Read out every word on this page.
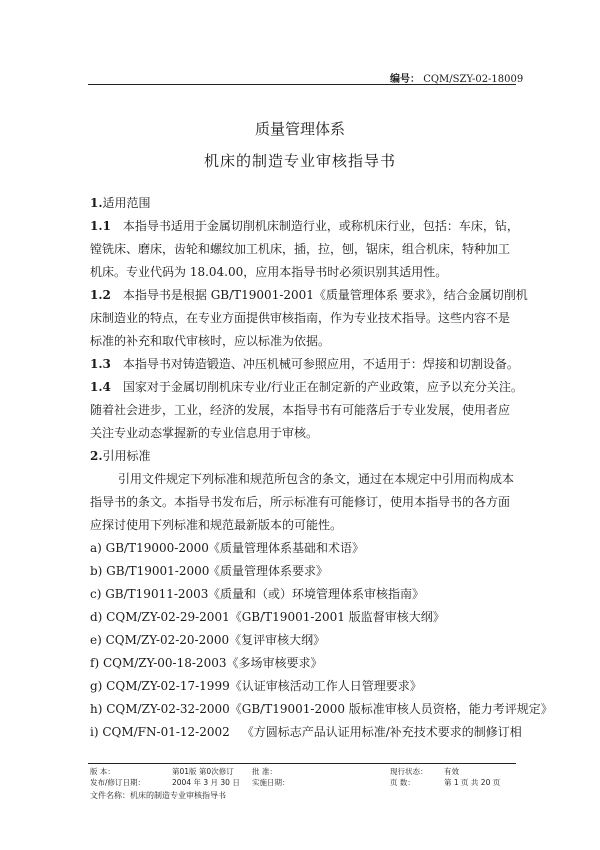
编号： CQM/SZY-02-18009
质量管理体系
机床的制造专业审核指导书
1.适用范围
1.1 本指导书适用于金属切削机床制造行业，或称机床行业，包括：车床，钻，
镗铣床、磨床，齿轮和螺纹加工机床，插，拉，刨，锯床，组合机床，特种加工
机床。专业代码为 18.04.00，应用本指导书时必须识别其适用性。
1.2 本指导书是根据 GB/T19001-2001《质量管理体系 要求》，结合金属切削机
床制造业的特点，在专业方面提供审核指南，作为专业技术指导。这些内容不是
标准的补充和取代审核时，应以标准为依据。
1.3 本指导书对铸造锻造、冲压机械可参照应用，不适用于：焊接和切割设备。
1.4 国家对于金属切削机床专业/行业正在制定新的产业政策，应予以充分关注。
随着社会进步，工业，经济的发展，本指导书有可能落后于专业发展，使用者应
关注专业动态掌握新的专业信息用于审核。
2.引用标准
引用文件规定下列标准和规范所包含的条文，通过在本规定中引用而构成本
指导书的条文。本指导书发布后，所示标准有可能修订，使用本指导书的各方面
应探讨使用下列标准和规范最新版本的可能性。
a) GB/T19000-2000《质量管理体系基础和术语》
b) GB/T19001-2000《质量管理体系要求》
c) GB/T19011-2003《质量和（或）环境管理体系审核指南》
d) CQM/ZY-02-29-2001《GB/T19001-2001 版监督审核大纲》
e) CQM/ZY-02-20-2000《复评审核大纲》
f) CQM/ZY-00-18-2003《多场审核要求》
g) CQM/ZY-02-17-1999《认证审核活动工作人日管理要求》
h) CQM/ZY-02-32-2000《GB/T19001-2000 版标准审核人员资格，能力考评规定》
i) CQM/FN-01-12-2002 《方圆标志产品认证用标准/补充技术要求的制修订相
版 本：	第01版 第0次修订 批 准：	现行状态： 有效
发布/修订日期：	2004 年 3 月 30 日 实施日期：	页 数：	第 1 页 共 20 页
文件名称：机床的制造专业审核指导书
